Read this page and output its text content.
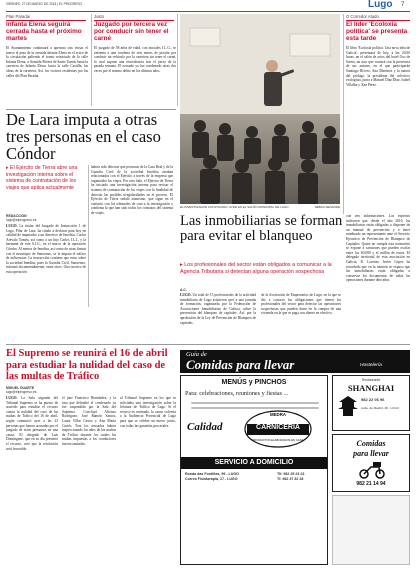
VIERNES, 27 DE MARZO DE 2015 | EL PROGRESO	Lugo 7
Plan Paradai
Infanta Elena seguirá cerrada hasta el próximo martes
El Ayuntamiento continuará a apertura tras avisar el nuevo el paso de la avenida Infanta Elena en el cruce de la circulación paliendo el tramo reiniciado de la calle Infanta Elena, a Avenida Rivera de Santo Tomás hasta la carretera de Infanta Elena, hacia la calle Castilla, las obras de la carretera. Así, los vecinos residentes por las calles del Plan Paradai.
Justo
Juzgado por tercera vez por conducir sin tener el carné
El juzgado de 58 años de edad, con iniciales J.L.G., se enfrenta a una condena de seis meses de prisión por conducir un vehículo por la carretera sin tener el carné, lo cual supone una reincidencia tras el juicio de la pasada semana. El acusado ya fue condenado otras dos veces por el mismo delito en los últimos años.
EL INVESTIGADOR CONVOCADO, AYER EN EL SALÓN MUNICIPAL DE LUGO	SEBAS SENANDE
O Corredor Atado
El líder 'Ecoloxía política' se presenta esta tarde
El libro 'Ecoloxía política. Una nova idea de Galicia', presentará de hoy, a las 20.00 horas, en el salón de actos del hotel Oso de Sarria, un acto que contará con la presencia de sus autores, en el que participarán Santiago Rivero, Ana Martínez y la autora del prólogo, la presidenta del colectivo ecologista, junto a Manuel Díaz Díaz, Isabel Villalba y Xan Pérez.
De Lara imputa a otras tres personas en el caso Cóndor
▸ El Ejército de Tierra abre una investigación interna sobre el sistema de contratación de los viajes que aplica actualmente
REDACCIÓN
lugo@elprogreso.es
LUGO. La titular del Juzgado de Instrucción 1 de Lugo, Pilar de Lara, ha citado a declarar para hoy en calidad de imputados a un directivo de Imedisa, Carlos Arévalo Toméa, así como a un hijo Carlos I.L.I., y la hermana de este S.I.G., en el marco de la operación Cóndor. Al menos de Imedisa, así como de otras firmas con el municipio de Sanxenxo, se le imputa el tráfico de influencias. La instrucción contiene que estas sobre la sociedad Imedisa, pues la Guardia Civil, Sanxenxo, informó documentalmente, entre otros. Otro motivo de esta operación
habría sido detectar que personas de la Casa Real y de la Guardia Civil de la sociedad Imedisa estaban relacionados con el Ejército a través de la empresa que organizaba los viajes. Por otro lado, el Ejército de Tierra ha iniciado una investigación interna para revisar el sistema de contratación de los viajes con la finalidad de detectar las posibles irregularidades en el proceso. El Ejército de Tierra señaló asimismo, que sigue en el contacto con los tribunales de cara a la investigación y confirma la que han sido todos los contratos del sistema de viajes.
Las inmobiliarias se forman para evitar el blanqueo
▸ Los profesionales del sector están obligados a comunicar a la Agencia Tributaria si detectan alguna operación sospechosa
A.C.
LUGO. Un total de 15 profesionales de la actividad inmobiliaria de Lugo asistieron ayer a una jornada de formación, organizada por la Federación de Asociaciones Inmobiliarias de Galicia, sobre la prevención del blanqueo de capitales. Así, por la aprobación de la Ley de Prevención de Blanqueo de capitales.
de la Asociación de Empresarios de Lugo, en la que se dio a conocer las obligaciones que tienen los profesionales del sector para detectar las operaciones sospechosas que pueden darse en la compra de una vivienda en la que se paga con dinero en efectivo.
con tres informaciones. Los expertos indicaron que, desde el año 2010, las inmobiliarias están obligadas a disponer de un manual de prevención y a tener nombrado un representante ante el Servicio Ejecutivo de Prevención de Blanqueo de Capitales. Quien no cumpla esta normativa se expone a sanciones que pueden oscilar entre los 60.000 y el millón de euros. El delegado territorial de esta asociación en Galicia, D. Lorenzo Javier López ha recordado que en la reunión se expuso que las inmobiliarias están obligadas a conservar los documentos de todas las operaciones durante diez años.
El Supremo se reunirá el 16 de abril para estudiar la nulidad del caso de las multas de Tráfico
MIGUEL DUARTE
lugo@elprogreso.es
LUGO. La Sala segunda del Tribunal Supremo se ha puesto de acuerdo para estudiar el recurso contra la nulidad del caso de las multas de Tráfico del 16 de abril, según comunicó ayer a las 23 personas que fueron acusadas por el juzgado de estos presuntos en una causa. El abogado de Luis Domínguez, que en su día presentó el recurso, cree que la resolución será favorable.
el juez Francisco Hernández, y la tasa que defendió el condenado ya fue suspendida por la Sala del Supremo. Concluyó Alfonso Rodríguez, José Ramón Santos, Laura Villar Castro y Ana María Cortés. Tras los acusados habría inspeccionado los años de las multas de Tráfico durante los cuales las multas impuestas a los conductores fueron anuladas.
al Tribunal Supremo en los que se solicitaba una investigación sobre la Jefatura de Tráfico de Lugo. Si el recurso es estimado, la causa volvería a la Audiencia Provincial de Lugo para que se celebre un nuevo juicio, con todas las garantías procesales.
Guía de
Comidas para llevar	Hostelería
MENÚS y PINCHOS
Para: celebraciones, reuniones y fiestas ...
Calidad
MEDRA
CARNICERÍA
PRODUCTOS ELABORADOS EN CASA
SERVICIO A DOMICILIO
Ronda das Fontiñas, 99 - LUGO
Correo Fisiotarapia, 17 - LUGO
Tlf. 982 25 23 23
Tf. 982 37 32 28
Restaurante
SHANGHAI
982 22 06 96
Avda. de Madrid, 28 · LUGO
Comidas
para llevar
982 21 14 94
